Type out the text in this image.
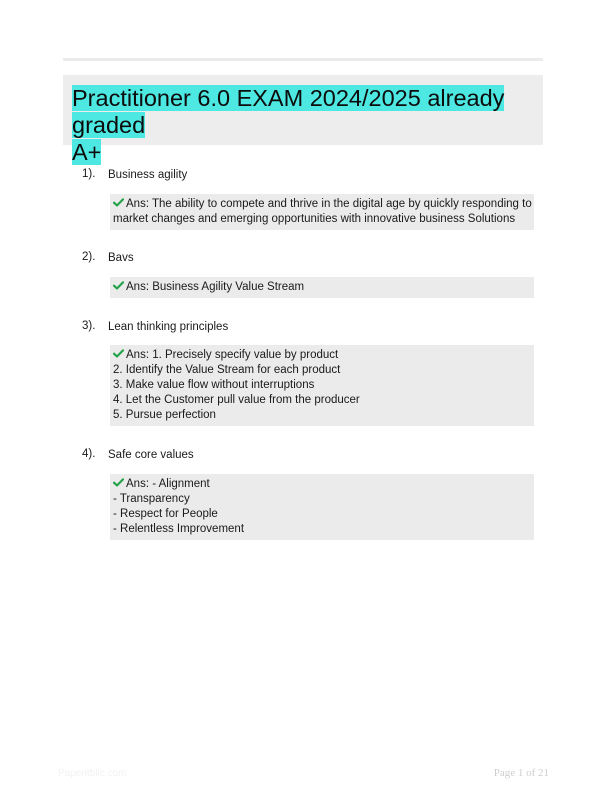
Practitioner 6.0 EXAM 2024/2025 already graded
A+
1). Business agility
Ans: The ability to compete and thrive in the digital age by quickly responding to
market changes and emerging opportunities with innovative business Solutions
2). Bavs
Ans: Business Agility Value Stream
3). Lean thinking principles
Ans: 1. Precisely specify value by product
2. Identify the Value Stream for each product
3. Make value flow without interruptions
4. Let the Customer pull value from the producer
5. Pursue perfection
4). Safe core values
Ans: - Alignment
- Transparency
- Respect for People
- Relentless Improvement
Paperitblic.com	Page 1 of 21
